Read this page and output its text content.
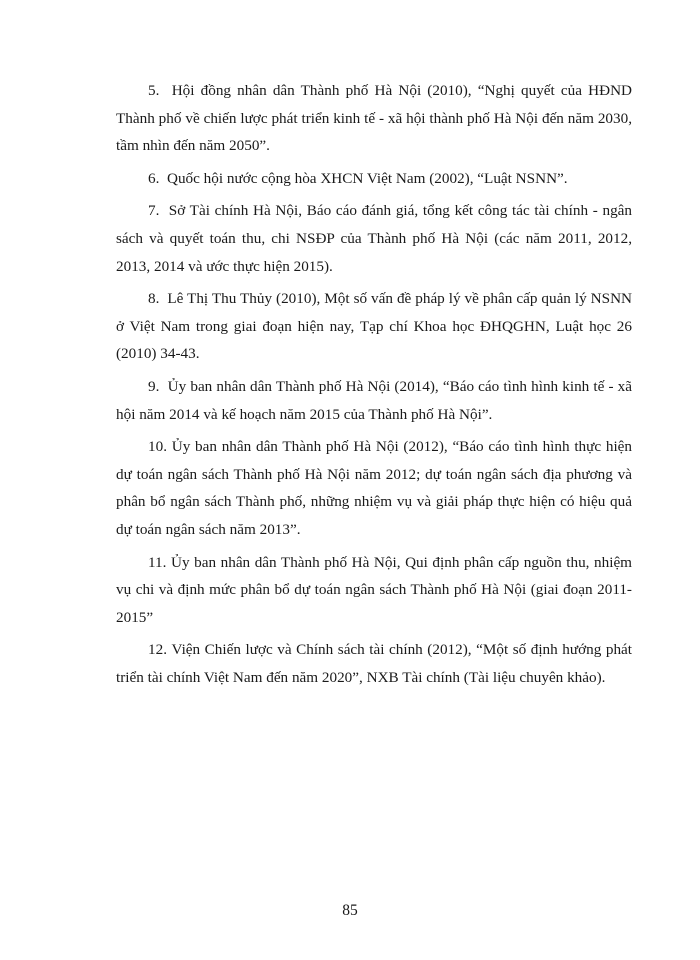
5. Hội đồng nhân dân Thành phố Hà Nội (2010), “Nghị quyết của HĐND Thành phố về chiến lược phát triển kinh tế - xã hội thành phố Hà Nội đến năm 2030, tầm nhìn đến năm 2050”.

6. Quốc hội nước cộng hòa XHCN Việt Nam (2002), “Luật NSNN”.

7. Sở Tài chính Hà Nội, Báo cáo đánh giá, tổng kết công tác tài chính - ngân sách và quyết toán thu, chi NSĐP của Thành phố Hà Nội (các năm 2011, 2012, 2013, 2014 và ước thực hiện 2015).

8. Lê Thị Thu Thủy (2010), Một số vấn đề pháp lý về phân cấp quản lý NSNN ở Việt Nam trong giai đoạn hiện nay, Tạp chí Khoa học ĐHQGHN, Luật học 26 (2010) 34-43.

9. Ủy ban nhân dân Thành phố Hà Nội (2014), “Báo cáo tình hình kinh tế - xã hội năm 2014 và kế hoạch năm 2015 của Thành phố Hà Nội”.

10. Ủy ban nhân dân Thành phố Hà Nội (2012), “Báo cáo tình hình thực hiện dự toán ngân sách Thành phố Hà Nội năm 2012; dự toán ngân sách địa phương và phân bổ ngân sách Thành phố, những nhiệm vụ và giải pháp thực hiện có hiệu quả dự toán ngân sách năm 2013”.

11. Ủy ban nhân dân Thành phố Hà Nội, Qui định phân cấp nguồn thu, nhiệm vụ chi và định mức phân bổ dự toán ngân sách Thành phố Hà Nội (giai đoạn 2011- 2015”

12. Viện Chiến lược và Chính sách tài chính (2012), “Một số định hướng phát triển tài chính Việt Nam đến năm 2020”, NXB Tài chính (Tài liệu chuyên khảo).

85
